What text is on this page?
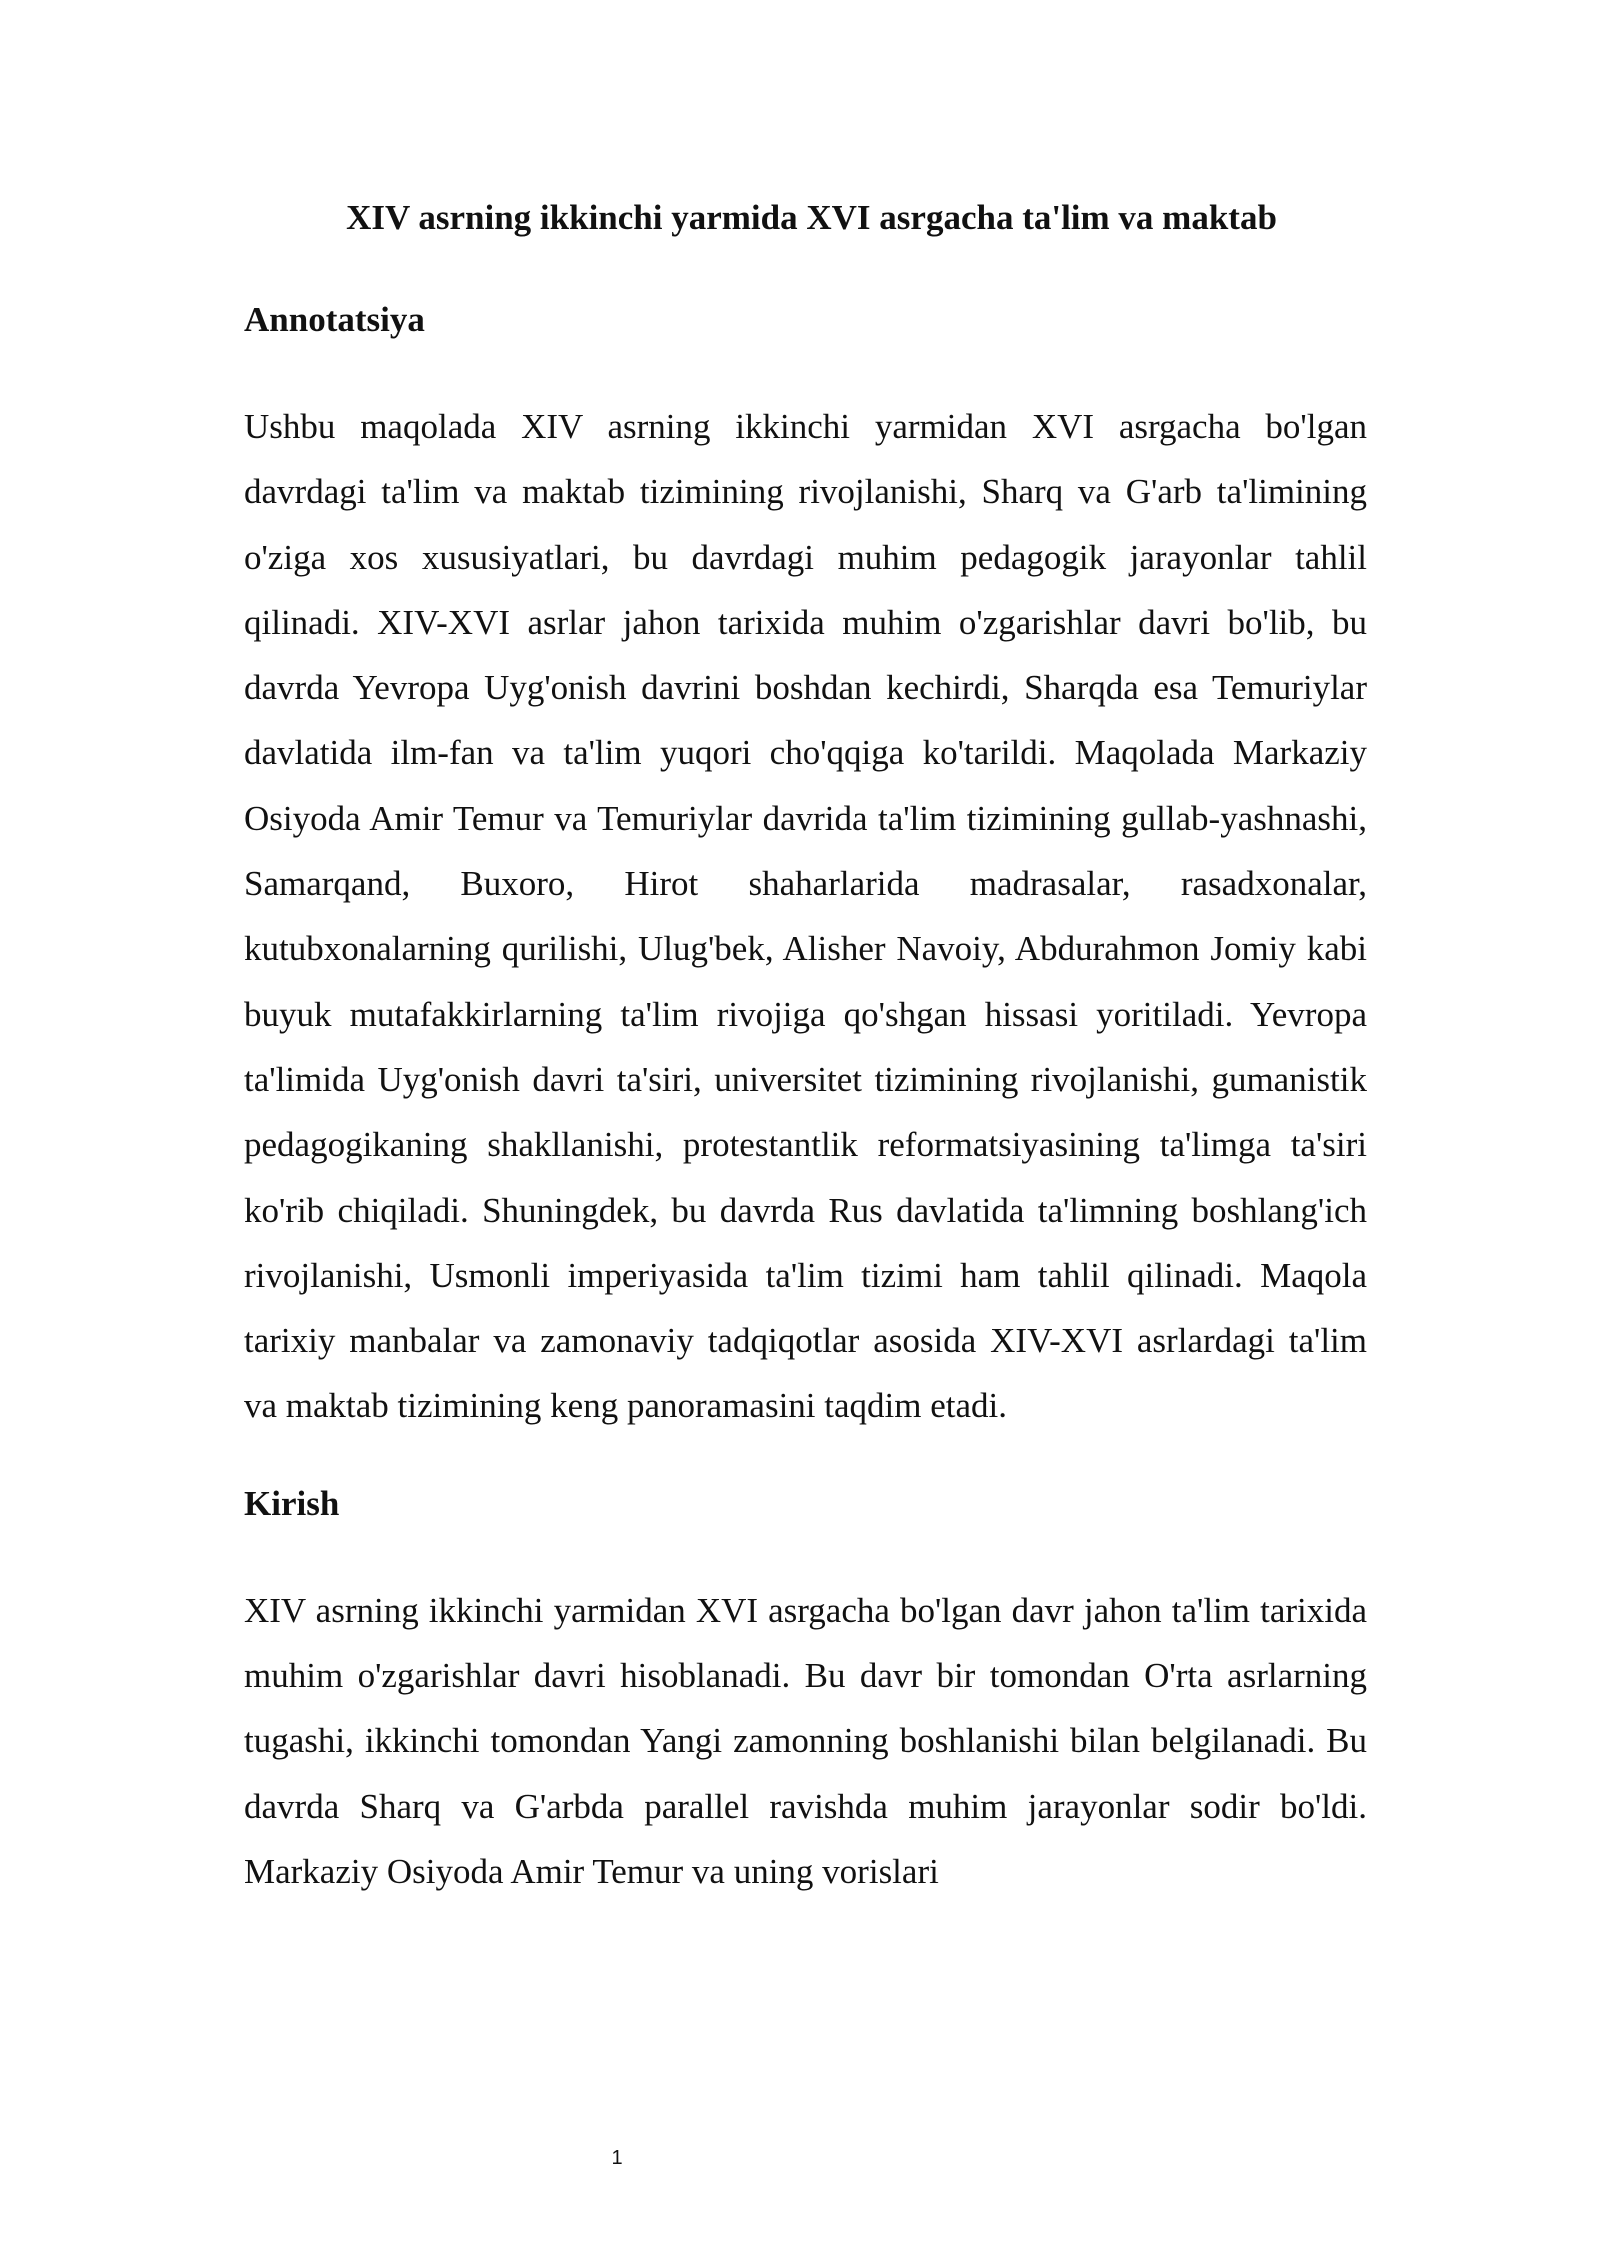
XIV asrning ikkinchi yarmida XVI asrgacha ta'lim va maktab
Annotatsiya

Ushbu maqolada XIV asrning ikkinchi yarmidan XVI asrgacha bo'lgan davrdagi ta'lim va maktab tizimining rivojlanishi, Sharq va G'arb ta'limining o'ziga xos xususiyatlari, bu davrdagi muhim pedagogik jarayonlar tahlil qilinadi. XIV-XVI asrlar jahon tarixida muhim o'zgarishlar davri bo'lib, bu davrda Yevropa Uyg'onish davrini boshdan kechirdi, Sharqda esa Temuriylar davlatida ilm-fan va ta'lim yuqori cho'qqiga ko'tarildi. Maqolada Markaziy Osiyoda Amir Temur va Temuriylar davrida ta'lim tizimining gullab-yashnashi, Samarqand, Buxoro, Hirot shaharlarida madrasalar, rasadxonalar, kutubxonalarning qurilishi, Ulug'bek, Alisher Navoiy, Abdurahmon Jomiy kabi buyuk mutafakkirlarning ta'lim rivojiga qo'shgan hissasi yoritiladi. Yevropa ta'limida Uyg'onish davri ta'siri, universitet tizimining rivojlanishi, gumanistik pedagogikaning shakllanishi, protestantlik reformatsiyasining ta'limga ta'siri ko'rib chiqiladi. Shuningdek, bu davrda Rus davlatida ta'limning boshlang'ich rivojlanishi, Usmonli imperiyasida ta'lim tizimi ham tahlil qilinadi. Maqola tarixiy manbalar va zamonaviy tadqiqotlar asosida XIV-XVI asrlardagi ta'lim va maktab tizimining keng panoramasini taqdim etadi.

Kirish

XIV asrning ikkinchi yarmidan XVI asrgacha bo'lgan davr jahon ta'lim tarixida muhim o'zgarishlar davri hisoblanadi. Bu davr bir tomondan O'rta asrlarning tugashi, ikkinchi tomondan Yangi zamonning boshlanishi bilan belgilanadi. Bu davrda Sharq va G'arbda parallel ravishda muhim jarayonlar sodir bo'ldi. Markaziy Osiyoda Amir Temur va uning vorislari

1
